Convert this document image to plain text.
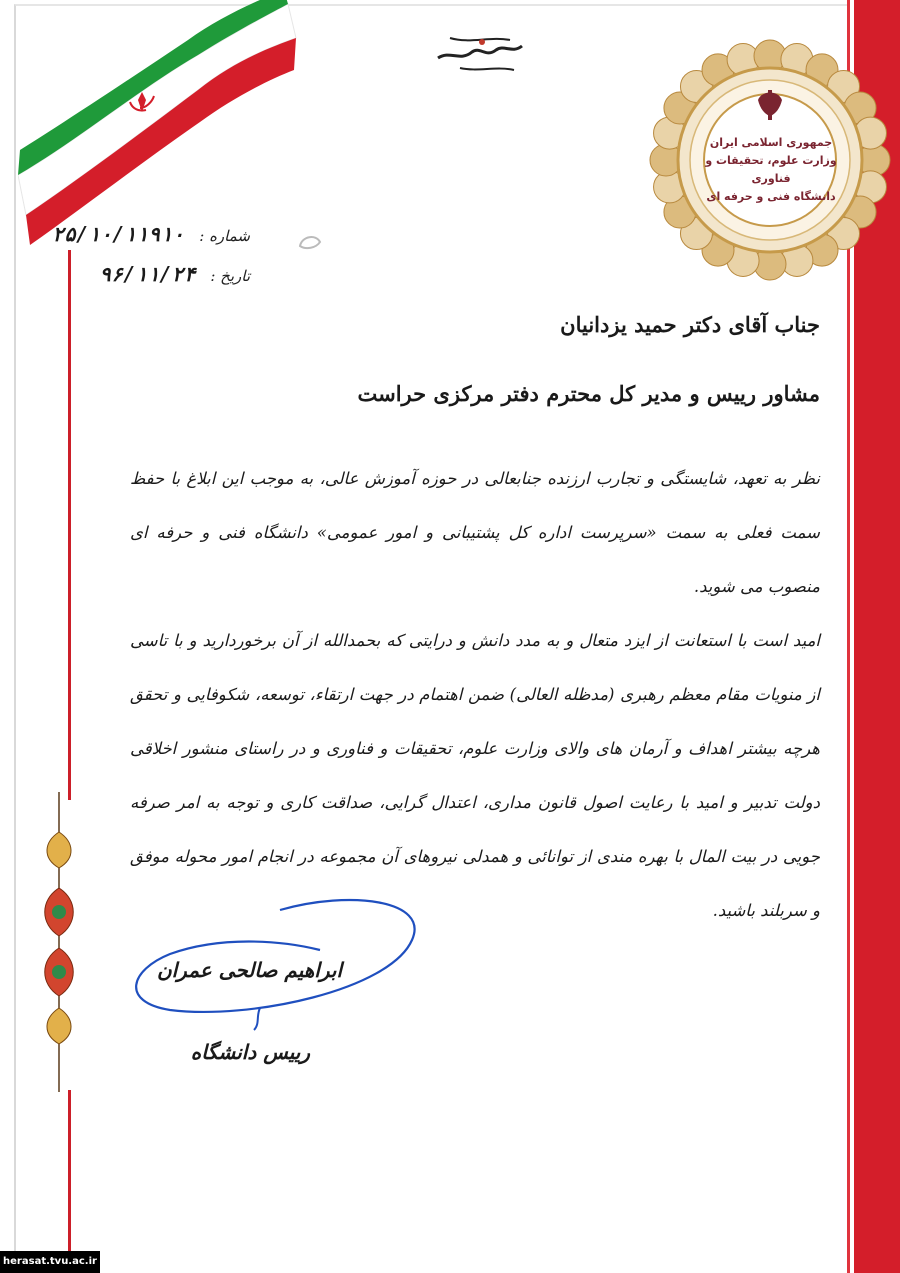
جمهوری اسلامی ایران
وزارت علوم، تحقیقات و فناوری
دانشگاه فنی و حرفه ای
شماره : ۲۵/۱۰/۱۱۹۱۰
تاریخ : ۹۶/۱۱/۲۴
جناب آقای دکتر حمید یزدانیان
مشاور رییس و مدیر کل محترم دفتر مرکزی حراست

نظر به تعهد، شایستگی و تجارب ارزنده جنابعالی در حوزه آموزش عالی، به موجب این ابلاغ با حفظ سمت فعلی به سمت «سرپرست اداره کل پشتیبانی و امور عمومی» دانشگاه فنی و حرفه ای منصوب می شوید.

امید است با استعانت از ایزد متعال و به مدد دانش و درایتی که بحمدالله از آن برخوردارید و با تاسی از منویات مقام معظم رهبری (مدظله العالی) ضمن اهتمام در جهت ارتقاء، توسعه، شکوفایی و تحقق هرچه بیشتر اهداف و آرمان های والای وزارت علوم، تحقیقات و فناوری و در راستای منشور اخلاقی دولت تدبیر و امید با رعایت اصول قانون مداری، اعتدال گرایی، صداقت کاری و توجه به امر صرفه جویی در بیت المال با بهره مندی از توانائی و همدلی نیروهای آن مجموعه در انجام امور محوله موفق و سربلند باشید.

ابراهیم صالحی عمران
رییس دانشگاه
herasat.tvu.ac.ir
